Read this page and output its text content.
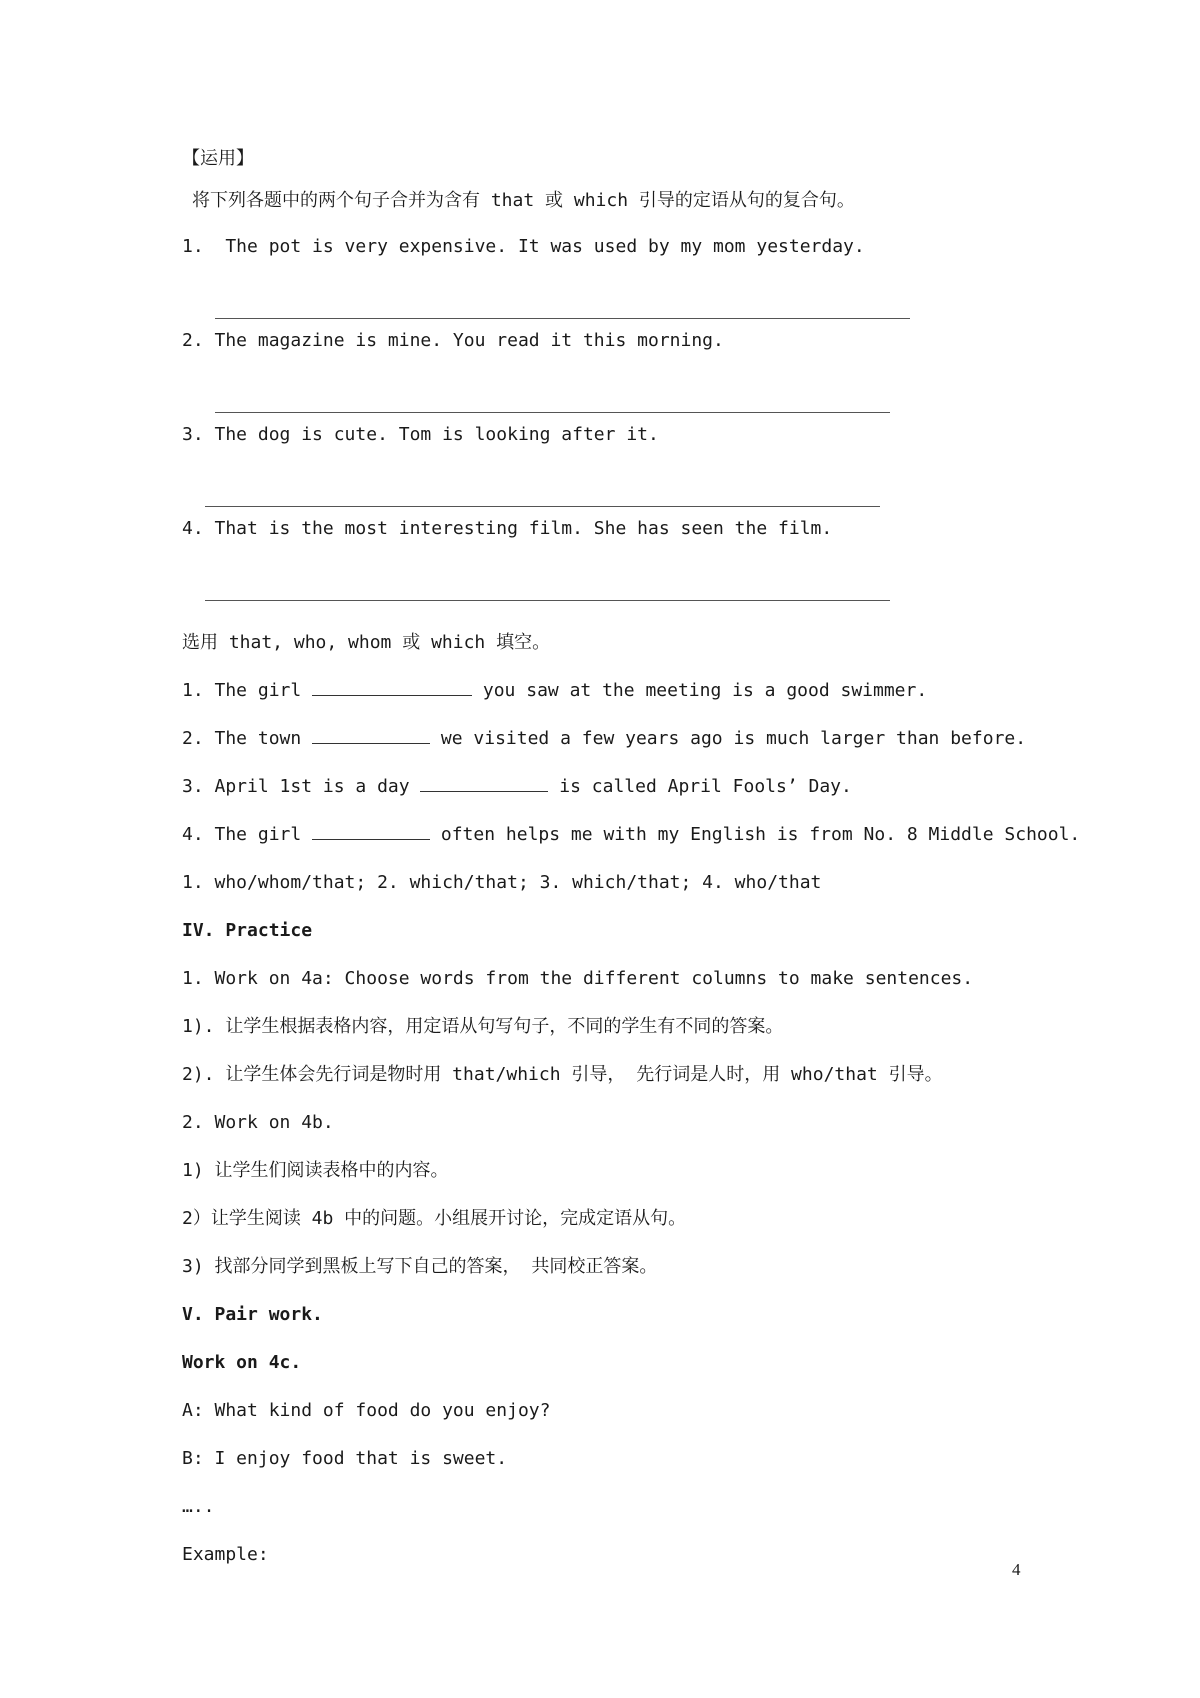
【运用】
将下列各题中的两个句子合并为含有 that 或 which 引导的定语从句的复合句。
1.  The pot is very expensive. It was used by my mom yesterday.
2. The magazine is mine. You read it this morning.
3. The dog is cute. Tom is looking after it.
4. That is the most interesting film. She has seen the film.
选用 that, who, whom 或 which 填空。
1. The girl	you saw at the meeting is a good swimmer.
2. The town	we visited a few years ago is much larger than before.
3. April 1st is a day	is called April Fools’ Day.
4. The girl	often helps me with my English is from No. 8 Middle School.
1. who/whom/that; 2. which/that; 3. which/that; 4. who/that
IV. Practice
1. Work on 4a: Choose words from the different columns to make sentences.
1). 让学生根据表格内容，用定语从句写句子，不同的学生有不同的答案。
2). 让学生体会先行词是物时用 that/which 引导， 先行词是人时，用 who/that 引导。
2. Work on 4b.
1) 让学生们阅读表格中的内容。
2）让学生阅读 4b 中的问题。小组展开讨论，完成定语从句。
3) 找部分同学到黑板上写下自己的答案， 共同校正答案。
V. Pair work.
Work on 4c.
A: What kind of food do you enjoy?
B: I enjoy food that is sweet.
…..
Example:
4
